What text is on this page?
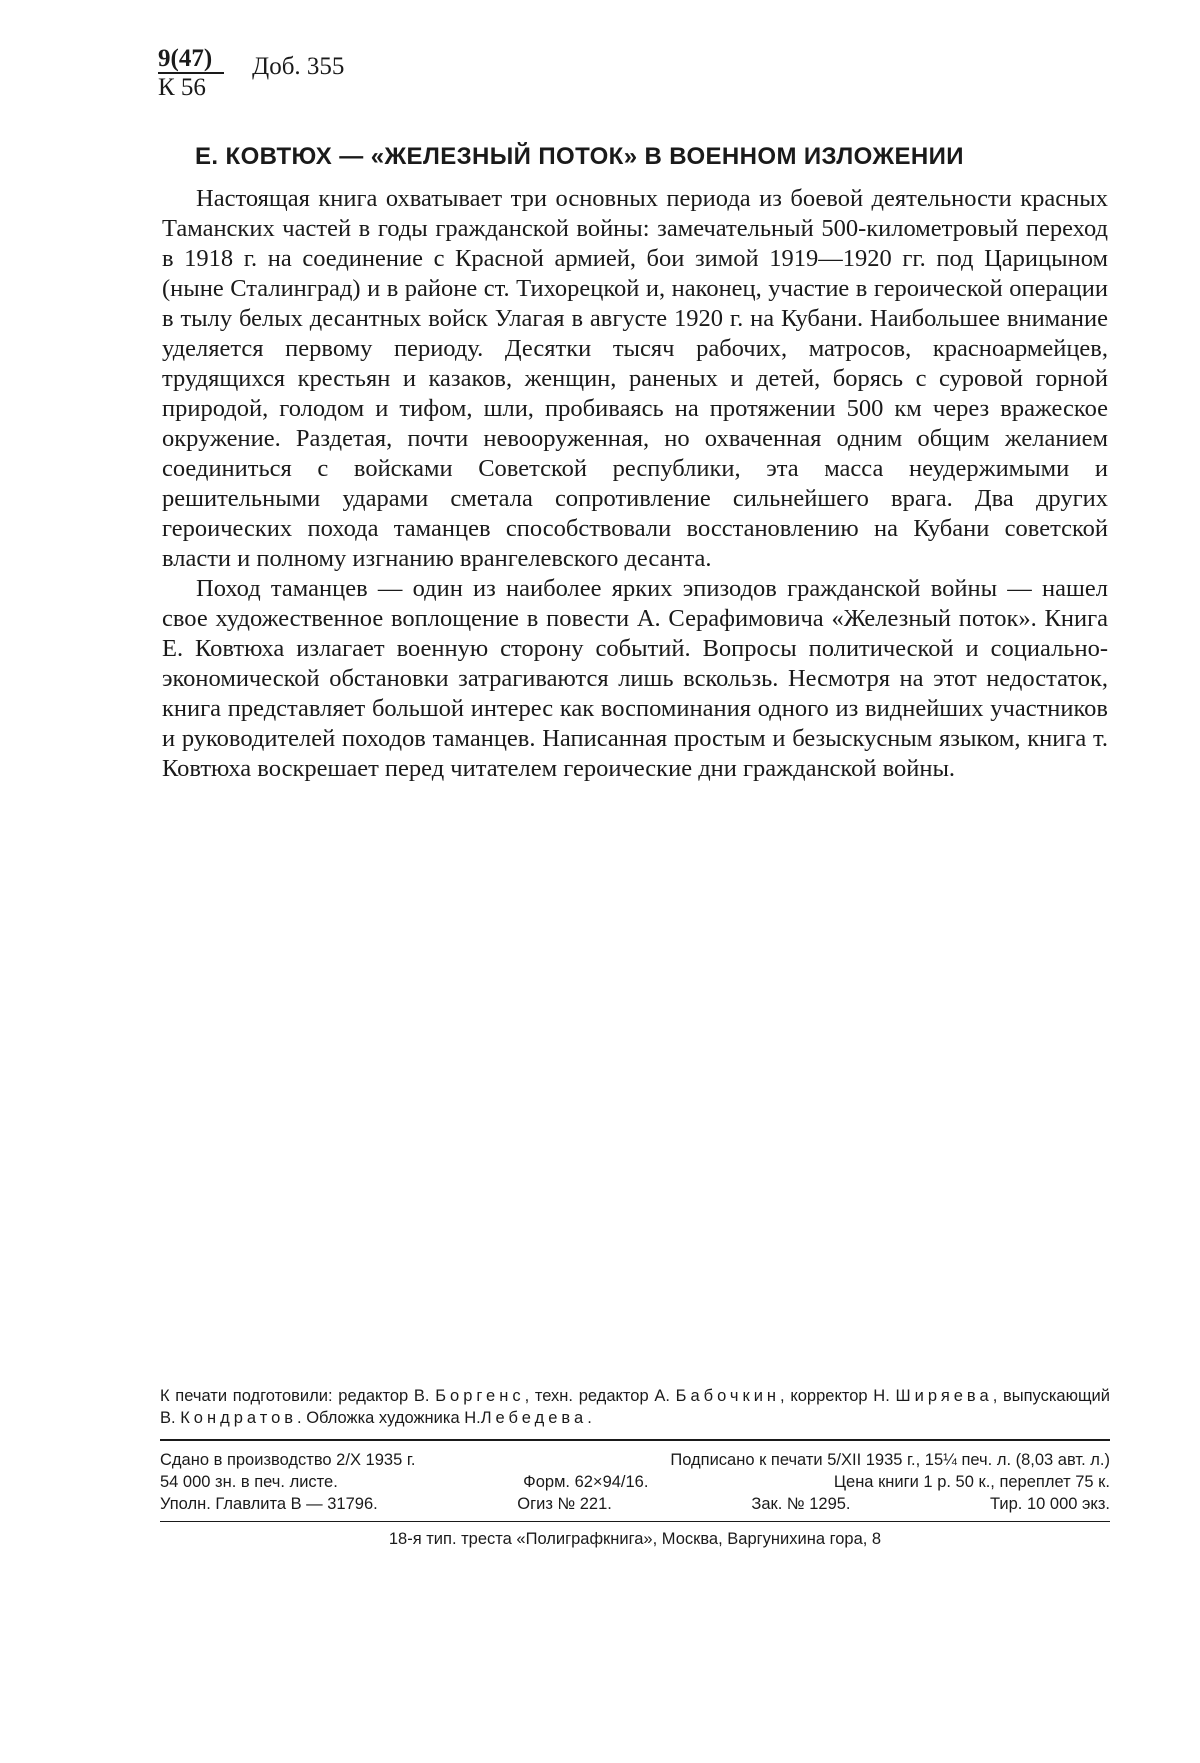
$\frac{9(47)}{К 56}$ Доб. 355
Е. КОВТЮХ — «ЖЕЛЕЗНЫЙ ПОТОК» В ВОЕННОМ ИЗЛОЖЕНИИ

Настоящая книга охватывает три основных периода из боевой деятельности красных Таманских частей в годы гражданской войны: замечательный 500-километровый переход в 1918 г. на соединение с Красной армией, бои зимой 1919—1920 гг. под Царицыном (ныне Сталинград) и в районе ст. Тихорецкой и, наконец, участие в героической операции в тылу белых десантных войск Улагая в августе 1920 г. на Кубани. Наибольшее внимание уделяется первому периоду. Десятки тысяч рабочих, матросов, красноармейцев, трудящихся крестьян и казаков, женщин, раненых и детей, борясь с суровой горной природой, голодом и тифом, шли, пробиваясь на протяжении 500 км через вражеское окружение. Раздетая, почти невооруженная, но охваченная одним общим желанием соединиться с войсками Советской республики, эта масса неудержимыми и решительными ударами сметала сопротивление сильнейшего врага. Два других героических похода таманцев способствовали восстановлению на Кубани советской власти и полному изгнанию врангелевского десанта.

Поход таманцев — один из наиболее ярких эпизодов гражданской войны — нашел свое художественное воплощение в повести А. Серафимовича «Железный поток». Книга Е. Ковтюха излагает военную сторону событий. Вопросы политической и социально-экономической обстановки затрагиваются лишь вскользь. Несмотря на этот недостаток, книга представляет большой интерес как воспоминания одного из виднейших участников и руководителей походов таманцев. Написанная простым и безыскусным языком, книга т. Ковтюха воскрешает перед читателем героические дни гражданской войны.

К печати подготовили: редактор В. Боргенс, техн. редактор А. Бабочкин, корректор Н. Ширяева, выпускающий В. Кондратов. Обложка художника Н.Лебедева.

Сдано в производство 2/X 1935 г.	Подписано к печати 5/XII 1935 г., 15¼ печ. л. (8,03 авт. л.)
54 000 зн. в печ. листе.	Форм. 62×94/16.	Цена книги 1 р. 50 к., переплет 75 к.
Уполн. Главлита В — 31796.	Огиз № 221.	Зак. № 1295.	Тир. 10 000 экз.
18-я тип. треста «Полиграфкнига», Москва, Варгунихина гора, 8
